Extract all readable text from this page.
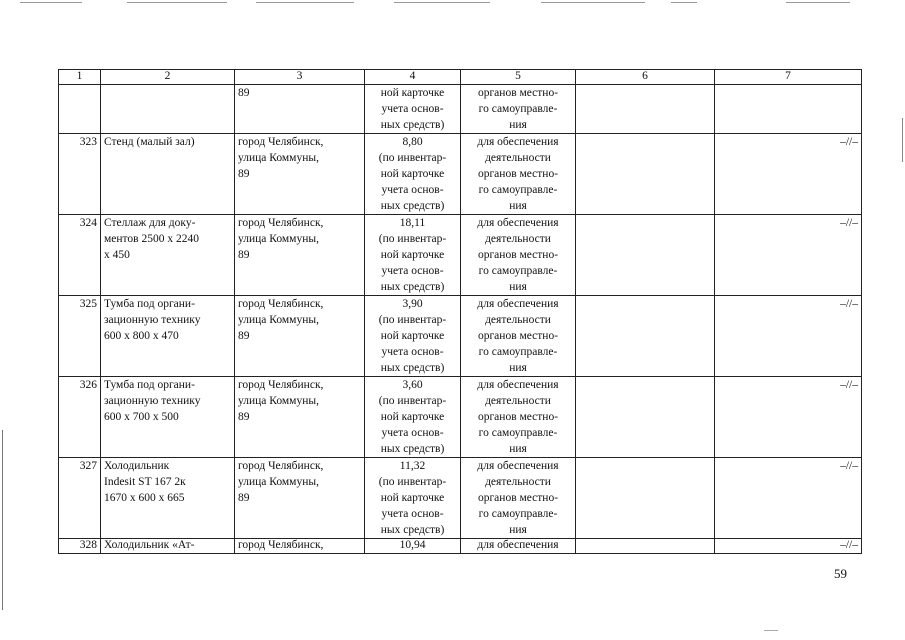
1	2	3	4	5	6	7
		89	ной карточке
учета основ-
ных средств)	органов местно-
го самоуправле-
ния		
323	Стенд (малый зал)	город Челябинск,
улица Коммуны,
89	8,80
(по инвентар-
ной карточке
учета основ-
ных средств)	для обеспечения
деятельности
органов местно-
го самоуправле-
ния		–//–
324	Стеллаж для доку-
ментов 2500 х 2240
х 450	город Челябинск,
улица Коммуны,
89	18,11
(по инвентар-
ной карточке
учета основ-
ных средств)	для обеспечения
деятельности
органов местно-
го самоуправле-
ния		–//–
325	Тумба под органи-
зационную технику
600 х 800 х 470	город Челябинск,
улица Коммуны,
89	3,90
(по инвентар-
ной карточке
учета основ-
ных средств)	для обеспечения
деятельности
органов местно-
го самоуправле-
ния		–//–
326	Тумба под органи-
зационную технику
600 х 700 х 500	город Челябинск,
улица Коммуны,
89	3,60
(по инвентар-
ной карточке
учета основ-
ных средств)	для обеспечения
деятельности
органов местно-
го самоуправле-
ния		–//–
327	Холодильник
Indesit ST 167 2к
1670 х 600 х 665	город Челябинск,
улица Коммуны,
89	11,32
(по инвентар-
ной карточке
учета основ-
ных средств)	для обеспечения
деятельности
органов местно-
го самоуправле-
ния		–//–
328	Холодильник «Ат-	город Челябинск,	10,94	для обеспечения		–//–
59
